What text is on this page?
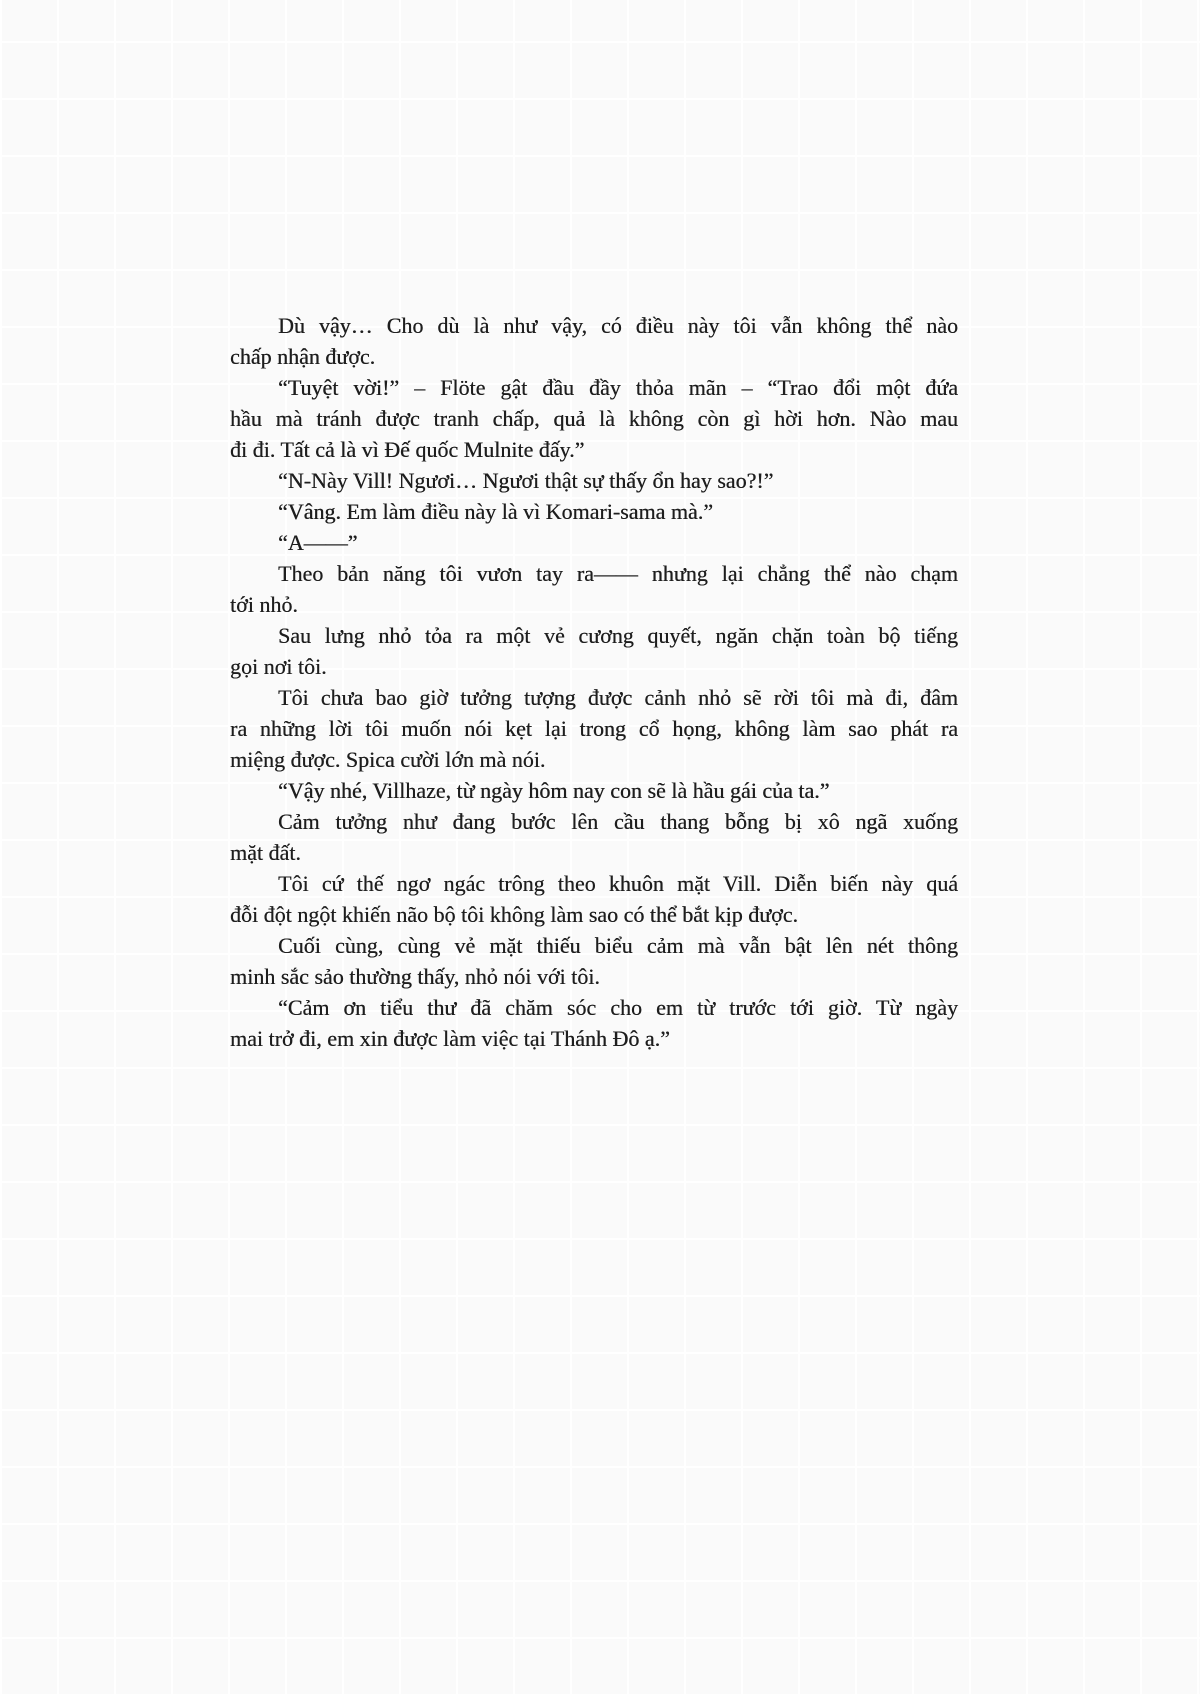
Dù vậy… Cho dù là như vậy, có điều này tôi vẫn không thể nào
chấp nhận được.

“Tuyệt vời!” – Flöte gật đầu đầy thỏa mãn – “Trao đổi một đứa
hầu mà tránh được tranh chấp, quả là không còn gì hời hơn. Nào mau
đi đi. Tất cả là vì Đế quốc Mulnite đấy.”

“N-Này Vill! Ngươi… Ngươi thật sự thấy ổn hay sao?!”

“Vâng. Em làm điều này là vì Komari-sama mà.”

“A——”

Theo bản năng tôi vươn tay ra—— nhưng lại chẳng thể nào chạm
tới nhỏ.

Sau lưng nhỏ tỏa ra một vẻ cương quyết, ngăn chặn toàn bộ tiếng
gọi nơi tôi.

Tôi chưa bao giờ tưởng tượng được cảnh nhỏ sẽ rời tôi mà đi, đâm
ra những lời tôi muốn nói kẹt lại trong cổ họng, không làm sao phát ra
miệng được. Spica cười lớn mà nói.

“Vậy nhé, Villhaze, từ ngày hôm nay con sẽ là hầu gái của ta.”

Cảm tưởng như đang bước lên cầu thang bỗng bị xô ngã xuống
mặt đất.

Tôi cứ thế ngơ ngác trông theo khuôn mặt Vill. Diễn biến này quá
đỗi đột ngột khiến não bộ tôi không làm sao có thể bắt kịp được.

Cuối cùng, cùng vẻ mặt thiếu biểu cảm mà vẫn bật lên nét thông
minh sắc sảo thường thấy, nhỏ nói với tôi.

“Cảm ơn tiểu thư đã chăm sóc cho em từ trước tới giờ. Từ ngày
mai trở đi, em xin được làm việc tại Thánh Đô ạ.”
